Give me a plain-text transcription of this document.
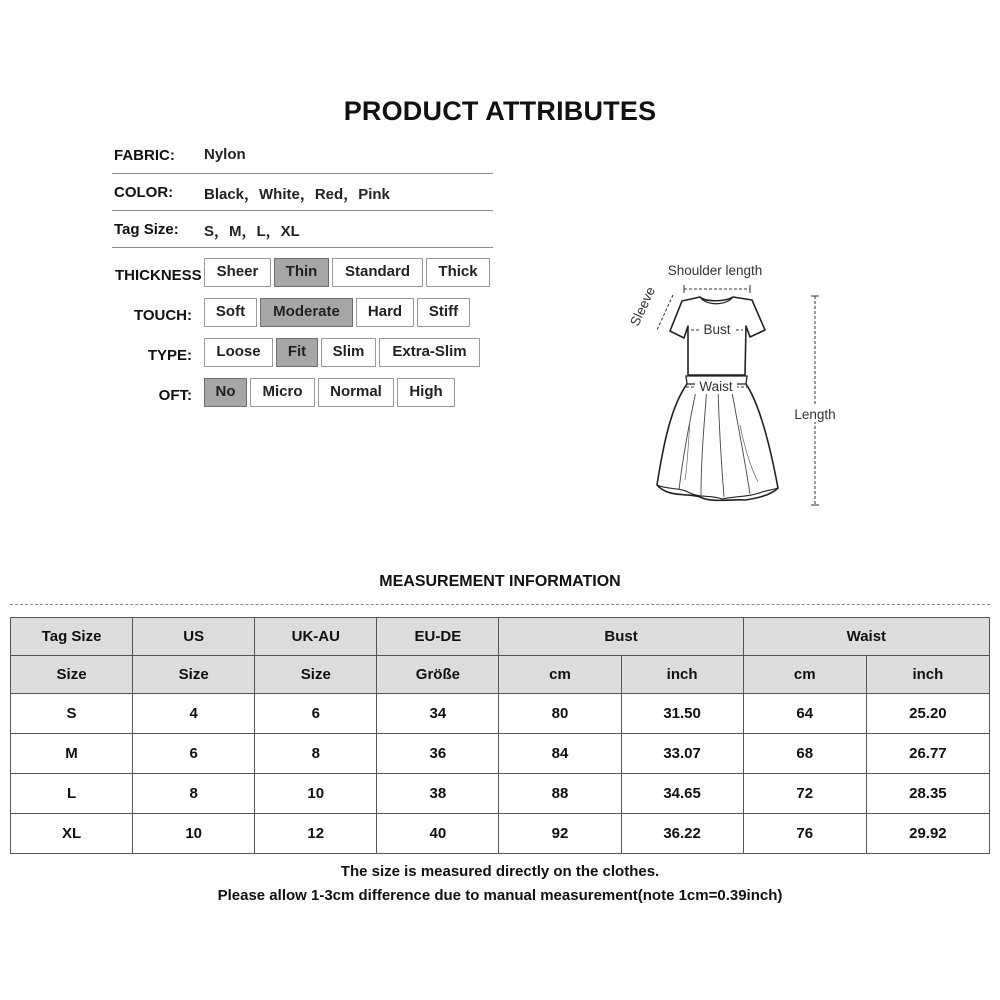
PRODUCT ATTRIBUTES
FABRIC: Nylon
COLOR: Black，White，Red，Pink
Tag Size: S，M，L，XL
THICKNESS Sheer	Thin	Standard	Thick
TOUCH:	Soft	Moderate	Hard	Stiff
TYPE:	Loose	Fit	Slim	Extra-Slim
OFT:	No	Micro	Normal	High
Shoulder length
Sleeve
Bust
Waist
Length
MEASUREMENT INFORMATION
Tag Size	US	UK-AU	EU-DE	Bust		Waist	
Size	Size	Size	Größe	cm	inch	cm	inch
S	4	6	34	80	31.50	64	25.20
M	6	8	36	84	33.07	68	26.77
L	8	10	38	88	34.65	72	28.35
XL	10	12	40	92	36.22	76	29.92
The size is measured directly on the clothes.
Please allow 1-3cm difference due to manual measurement(note 1cm=0.39inch)
